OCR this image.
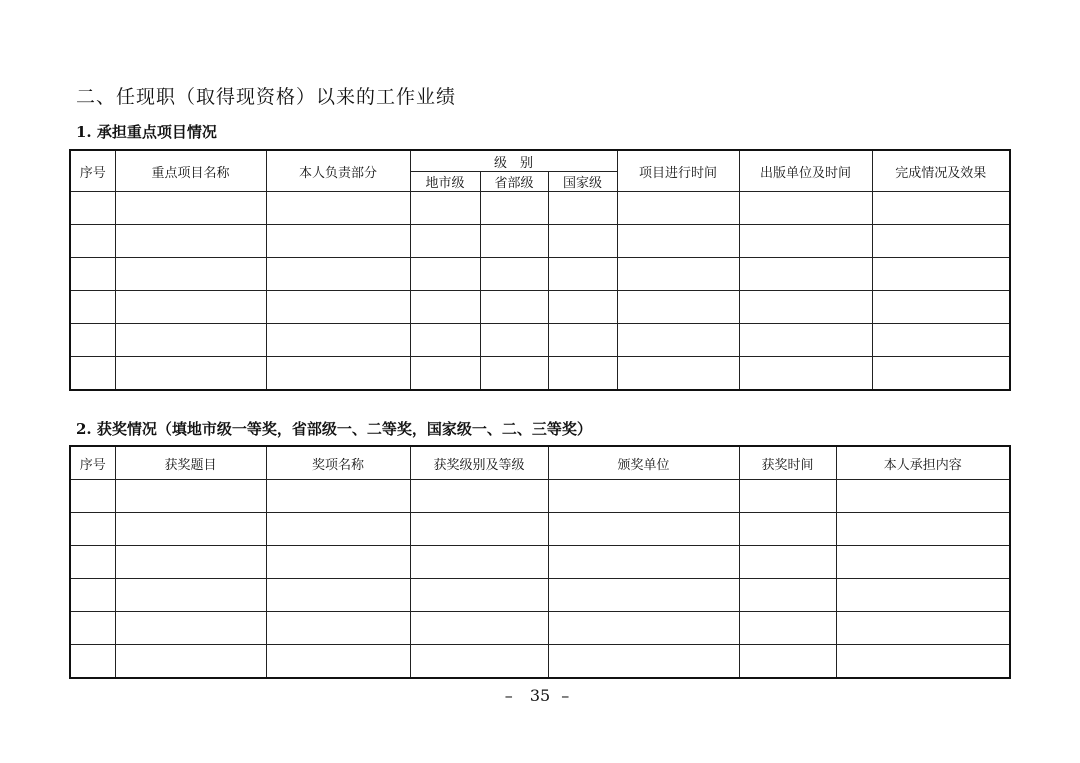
二、任现职（取得现资格）以来的工作业绩
1. 承担重点项目情况
序号	重点项目名称	本人负责部分	级　别			项目进行时间	出版单位及时间	完成情况及效果
			地市级	省部级	国家级			

2. 获奖情况（填地市级一等奖，省部级一、二等奖，国家级一、二、三等奖）
序号	获奖题目	奖项名称	获奖级别及等级	颁奖单位	获奖时间	本人承担内容

– 35 –
